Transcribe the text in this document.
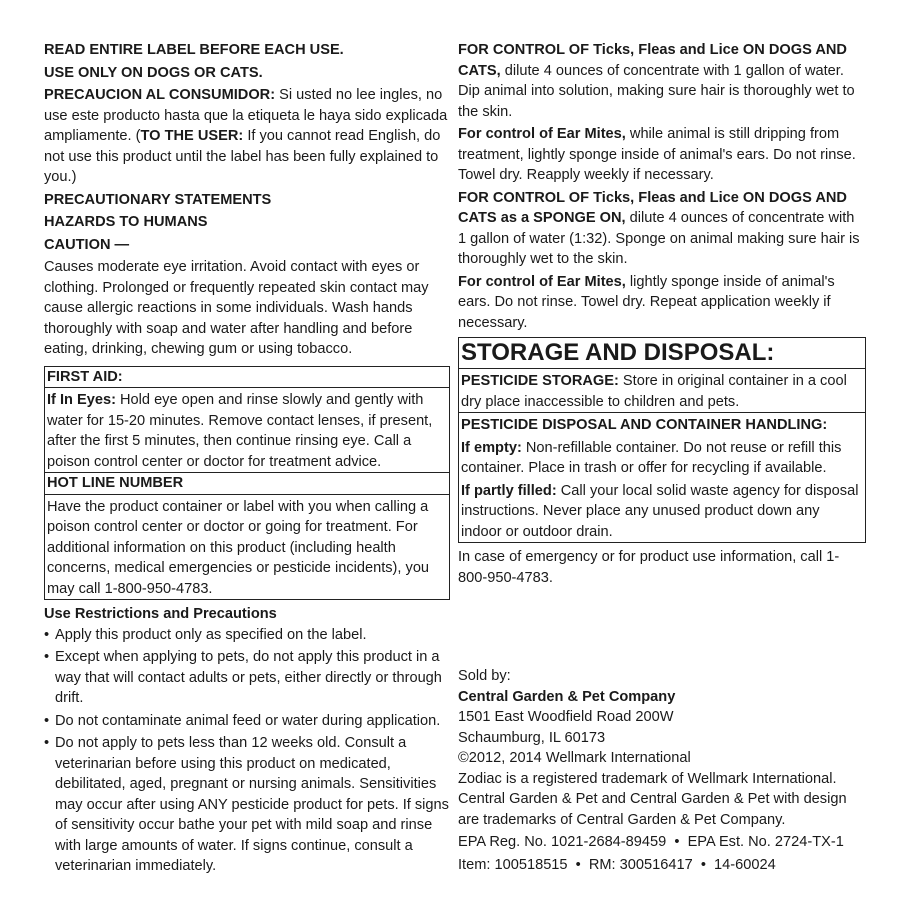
READ ENTIRE LABEL BEFORE EACH USE.

USE ONLY ON DOGS OR CATS.

PRECAUCION AL CONSUMIDOR: Si usted no lee ingles, no use este producto hasta que la etiqueta le haya sido explicada ampliamente. (TO THE USER: If you cannot read English, do not use this product until the label has been fully explained to you.)

PRECAUTIONARY STATEMENTS

HAZARDS TO HUMANS

CAUTION —

Causes moderate eye irritation. Avoid contact with eyes or clothing. Prolonged or frequently repeated skin contact may cause allergic reactions in some individuals. Wash hands thoroughly with soap and water after handling and before eating, drinking, chewing gum or using tobacco.

FIRST AID:

If In Eyes: Hold eye open and rinse slowly and gently with water for 15-20 minutes. Remove contact lenses, if present, after the first 5 minutes, then continue rinsing eye. Call a poison control center or doctor for treatment advice.

HOT LINE NUMBER

Have the product container or label with you when calling a poison control center or doctor or going for treatment. For additional information on this product (including health concerns, medical emergencies or pesticide incidents), you may call 1-800-950-4783.

Use Restrictions and Precautions

• Apply this product only as specified on the label.
• Except when applying to pets, do not apply this product in a way that will contact adults or pets, either directly or through drift.
• Do not contaminate animal feed or water during application.
• Do not apply to pets less than 12 weeks old. Consult a veterinarian before using this product on medicated, debilitated, aged, pregnant or nursing animals. Sensitivities may occur after using ANY pesticide product for pets. If signs of sensitivity occur bathe your pet with mild soap and rinse with large amounts of water. If signs continue, consult a veterinarian immediately.

FOR CONTROL OF Ticks, Fleas and Lice ON DOGS AND CATS, dilute 4 ounces of concentrate with 1 gallon of water. Dip animal into solution, making sure hair is thoroughly wet to the skin.

For control of Ear Mites, while animal is still dripping from treatment, lightly sponge inside of animal's ears. Do not rinse. Towel dry. Reapply weekly if necessary.

FOR CONTROL OF Ticks, Fleas and Lice ON DOGS AND CATS as a SPONGE ON, dilute 4 ounces of concentrate with 1 gallon of water (1:32). Sponge on animal making sure hair is thoroughly wet to the skin.

For control of Ear Mites, lightly sponge inside of animal's ears. Do not rinse. Towel dry. Repeat application weekly if necessary.

STORAGE AND DISPOSAL:

PESTICIDE STORAGE: Store in original container in a cool dry place inaccessible to children and pets.

PESTICIDE DISPOSAL AND CONTAINER HANDLING:

If empty: Non-refillable container. Do not reuse or refill this container. Place in trash or offer for recycling if available.

If partly filled: Call your local solid waste agency for disposal instructions. Never place any unused product down any indoor or outdoor drain.

In case of emergency or for product use information, call 1-800-950-4783.

Sold by:

Central Garden & Pet Company

1501 East Woodfield Road 200W

Schaumburg, IL 60173

©2012, 2014 Wellmark International

Zodiac is a registered trademark of Wellmark International.

Central Garden & Pet and Central Garden & Pet with design are trademarks of Central Garden & Pet Company.

EPA Reg. No. 1021-2684-89459  •  EPA Est. No. 2724-TX-1

Item: 100518515  •  RM: 300516417  •  14-60024
